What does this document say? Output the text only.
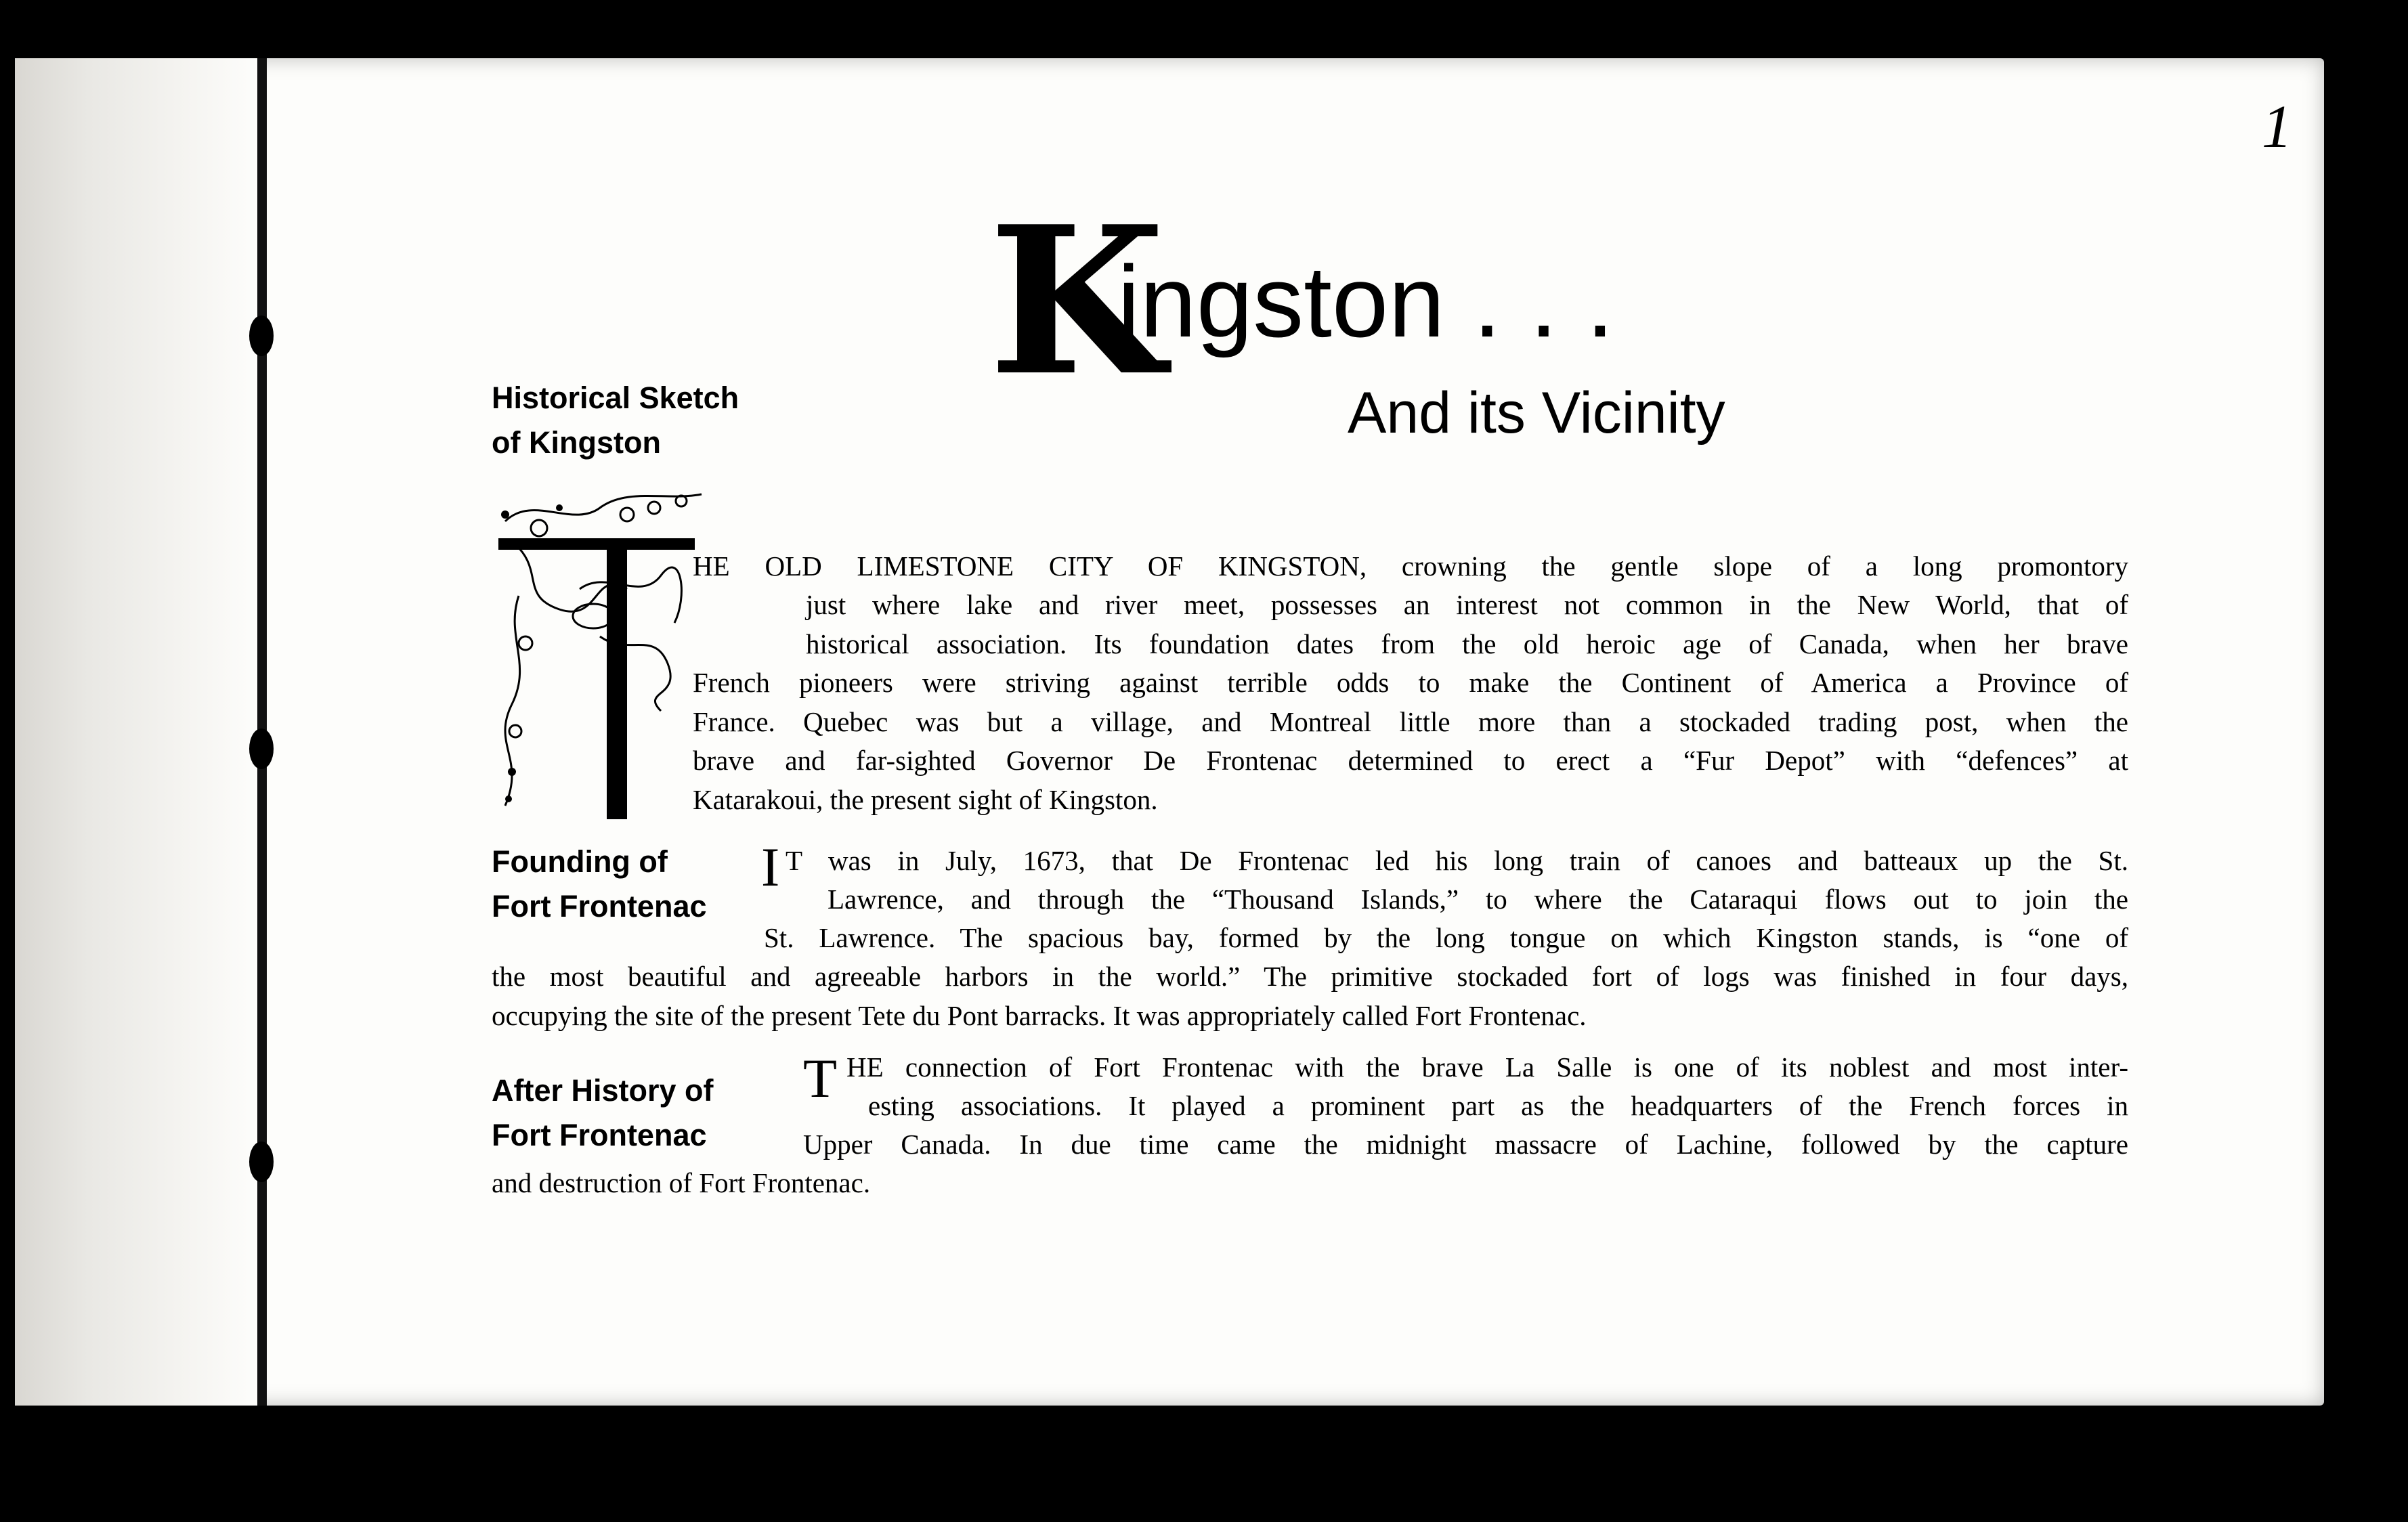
1
K
ingston . . .
And its Vicinity
Historical Sketch
of Kingston
HE OLD LIMESTONE CITY OF KINGSTON, crowning the gentle slope of a long promontory
just where lake and river meet, possesses an interest not common in the New World, that of
historical association. Its foundation dates from the old heroic age of Canada, when her brave
French pioneers were striving against terrible odds to make the Continent of America a Province of
France. Quebec was but a village, and Montreal little more than a stockaded trading post, when the
brave and far-sighted Governor De Frontenac determined to erect a “Fur Depot” with “defences” at
Katarakoui, the present sight of Kingston.
Founding of
Fort Frontenac
I T was in July, 1673, that De Frontenac led his long train of canoes and batteaux up the St.
Lawrence, and through the “Thousand Islands,” to where the Cataraqui flows out to join the
St. Lawrence. The spacious bay, formed by the long tongue on which Kingston stands, is “one of
the most beautiful and agreeable harbors in the world.” The primitive stockaded fort of logs was finished in four days,
occupying the site of the present Tete du Pont barracks. It was appropriately called Fort Frontenac.
After History of
Fort Frontenac
T HE connection of Fort Frontenac with the brave La Salle is one of its noblest and most inter-
esting associations. It played a prominent part as the headquarters of the French forces in
Upper Canada. In due time came the midnight massacre of Lachine, followed by the capture
and destruction of Fort Frontenac.
